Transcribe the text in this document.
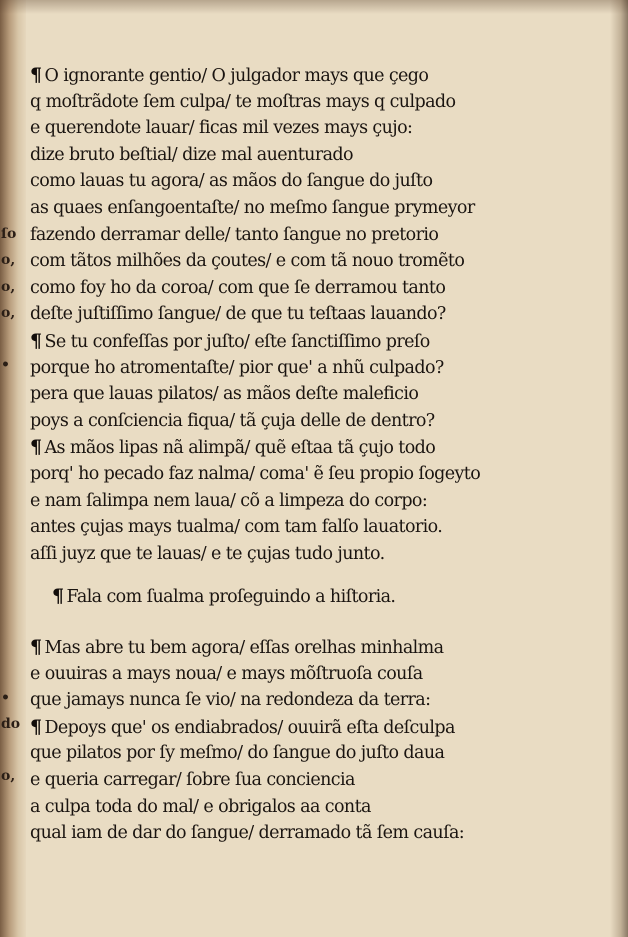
ſo
o,
o,
o,
•
•
do
o,
¶ O ignorante gentio/ O julgador mays que çego
q moſtrãdote ſem culpa/ te moſtras mays q culpado
e querendote lauar/ ficas mil vezes mays çujo:
dize bruto beſtial/ dize mal auenturado
como lauas tu agora/ as mãos do ſangue do juſto
as quaes enſangoentaſte/ no meſmo ſangue prymeyor
fazendo derramar delle/ tanto ſangue no pretorio
com tãtos milhões da çoutes/ e com tã nouo tromẽto
como foy ho da coroa/ com que ſe derramou tanto
deſte juſtiſſimo ſangue/ de que tu teſtaas lauando?
¶ Se tu confeſſas por juſto/ eſte ſanctiſſimo preſo
porque ho atromentaſte/ pior que' a nhũ culpado?
pera que lauas pilatos/ as mãos deſte maleficio
poys a conſciencia fiqua/ tã çuja delle de dentro?
¶ As mãos lipas nã alimpã/ quẽ eſtaa tã çujo todo
porq' ho pecado faz nalma/ coma' ẽ ſeu propio ſogeyto
e nam ſalimpa nem laua/ cõ a limpeza do corpo:
antes çujas mays tualma/ com tam falſo lauatorio.
aſſi juyz que te lauas/ e te çujas tudo junto.
¶ Fala com ſualma proſeguindo a hiſtoria.
¶ Mas abre tu bem agora/ eſſas orelhas minhalma
e ouuiras a mays noua/ e mays mõſtruoſa couſa
que jamays nunca ſe vio/ na redondeza da terra:
¶ Depoys que' os endiabrados/ ouuirã eſta deſculpa
que pilatos por ſy meſmo/ do ſangue do juſto daua
e queria carregar/ ſobre ſua conciencia
a culpa toda do mal/ e obrigalos aa conta
qual iam de dar do ſangue/ derramado tã ſem cauſa:
